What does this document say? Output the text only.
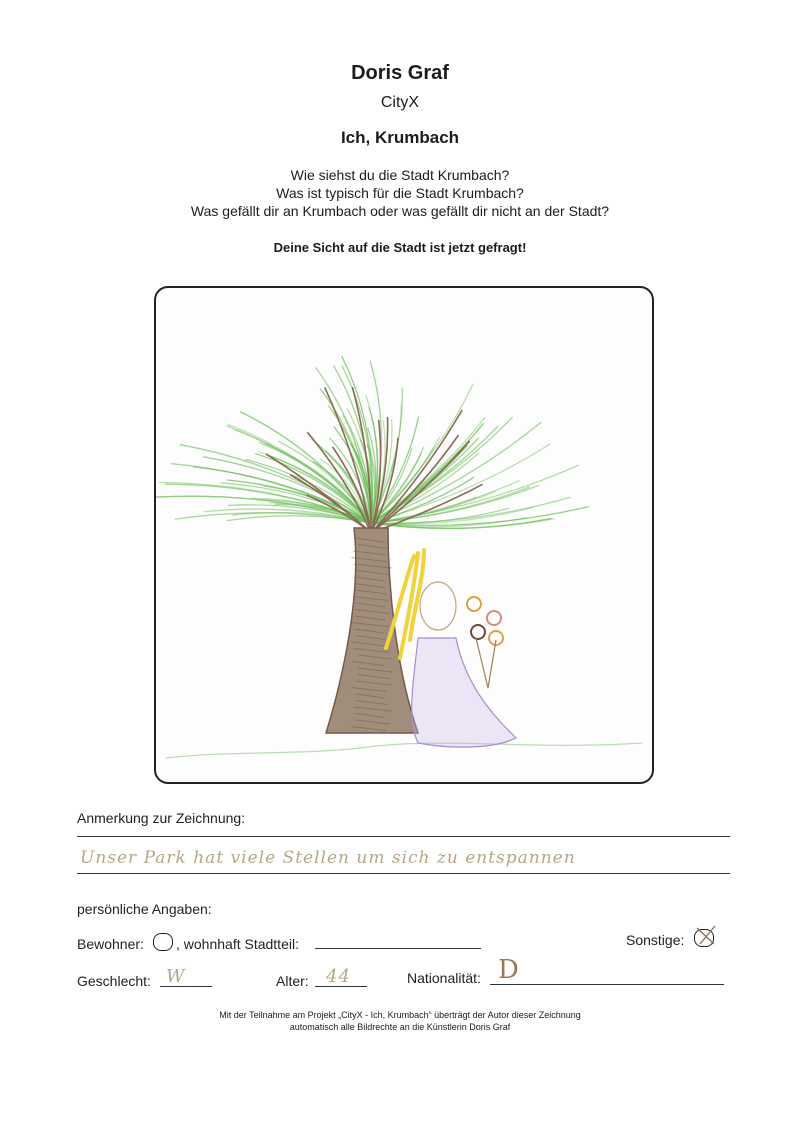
Doris Graf
CityX
Ich, Krumbach
Wie siehst du die Stadt Krumbach?
Was ist typisch für die Stadt Krumbach?
Was gefällt dir an Krumbach oder was gefällt dir nicht an der Stadt?
Deine Sicht auf die Stadt ist jetzt gefragt!
Anmerkung zur Zeichnung:
Unser Park hat viele Stellen um sich zu entspannen
persönliche Angaben:
Bewohner: , wohnhaft Stadtteil:	Sonstige:
Geschlecht: W	Alter: 44	Nationalität: D
Mit der Teilnahme am Projekt „CityX - Ich, Krumbach“ überträgt der Autor dieser Zeichnung
automatisch alle Bildrechte an die Künstlerin Doris Graf
